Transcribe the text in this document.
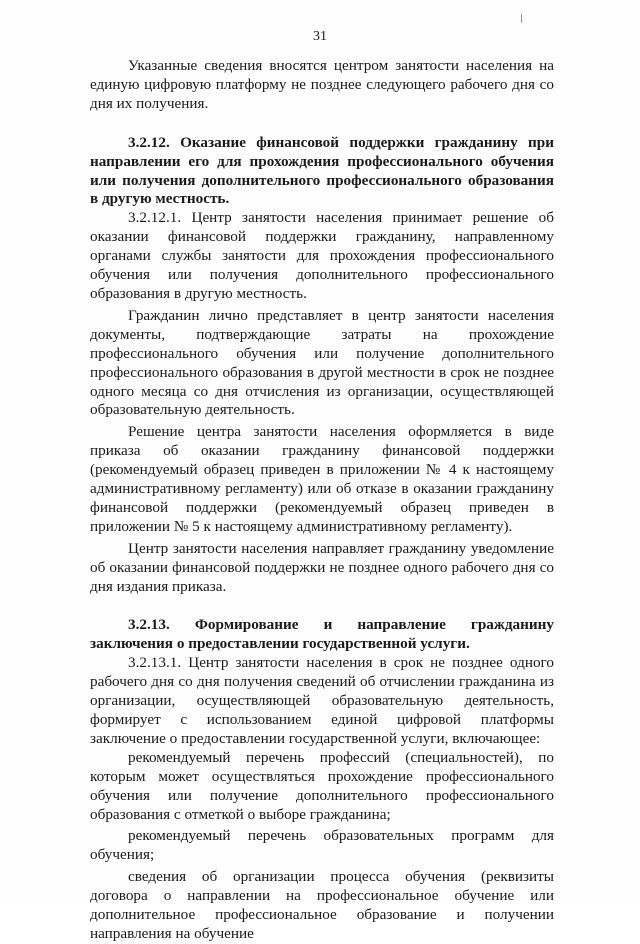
31

Указанные сведения вносятся центром занятости населения на единую цифровую платформу не позднее следующего рабочего дня со дня их получения.

3.2.12. Оказание финансовой поддержки гражданину при направлении его для прохождения профессионального обучения или получения дополнительного профессионального образования в другую местность.

3.2.12.1. Центр занятости населения принимает решение об оказании финансовой поддержки гражданину, направленному органами службы занятости для прохождения профессионального обучения или получения дополнительного профессионального образования в другую местность.

Гражданин лично представляет в центр занятости населения документы, подтверждающие затраты на прохождение профессионального обучения или получение дополнительного профессионального образования в другой местности в срок не позднее одного месяца со дня отчисления из организации, осуществляющей образовательную деятельность.

Решение центра занятости населения оформляется в виде приказа об оказании гражданину финансовой поддержки (рекомендуемый образец приведен в приложении № 4 к настоящему административному регламенту) или об отказе в оказании гражданину финансовой поддержки (рекомендуемый образец приведен в приложении № 5 к настоящему административному регламенту).

Центр занятости населения направляет гражданину уведомление об оказании финансовой поддержки не позднее одного рабочего дня со дня издания приказа.

3.2.13. Формирование и направление гражданину заключения о предоставлении государственной услуги.

3.2.13.1. Центр занятости населения в срок не позднее одного рабочего дня со дня получения сведений об отчислении гражданина из организации, осуществляющей образовательную деятельность, формирует с использованием единой цифровой платформы заключение о предоставлении государственной услуги, включающее:

рекомендуемый перечень профессий (специальностей), по которым может осуществляться прохождение профессионального обучения или получение дополнительного профессионального образования с отметкой о выборе гражданина;

рекомендуемый перечень образовательных программ для обучения;

сведения об организации процесса обучения (реквизиты договора о направлении на профессиональное обучение или дополнительное профессиональное образование и получении направления на обучение
